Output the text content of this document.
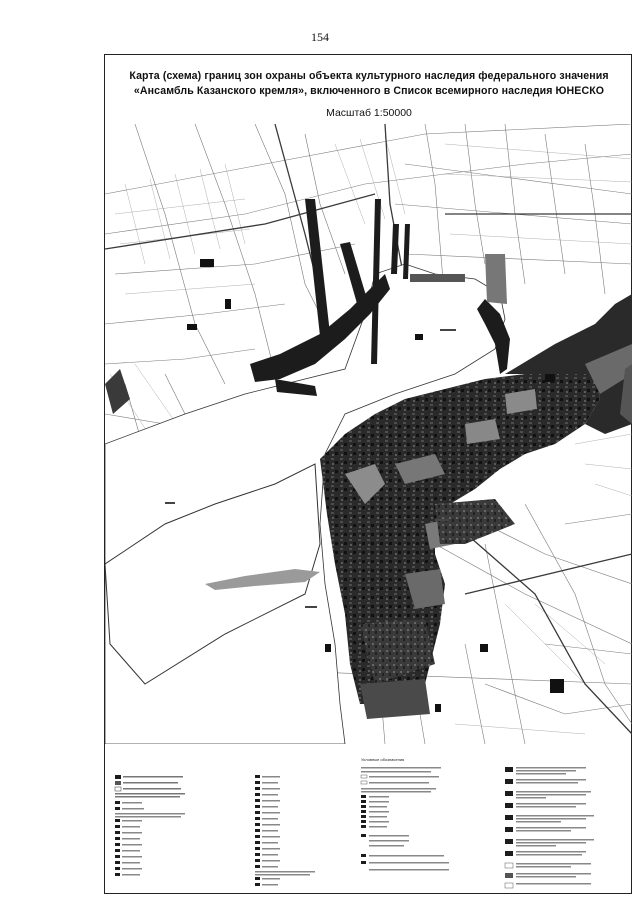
154
Карта (схема) границ зон охраны объекта культурного наследия федерального значения
«Ансамбль Казанского кремля», включенного в Список всемирного наследия ЮНЕСКО
Масштаб 1:50000
Условные обозначения
